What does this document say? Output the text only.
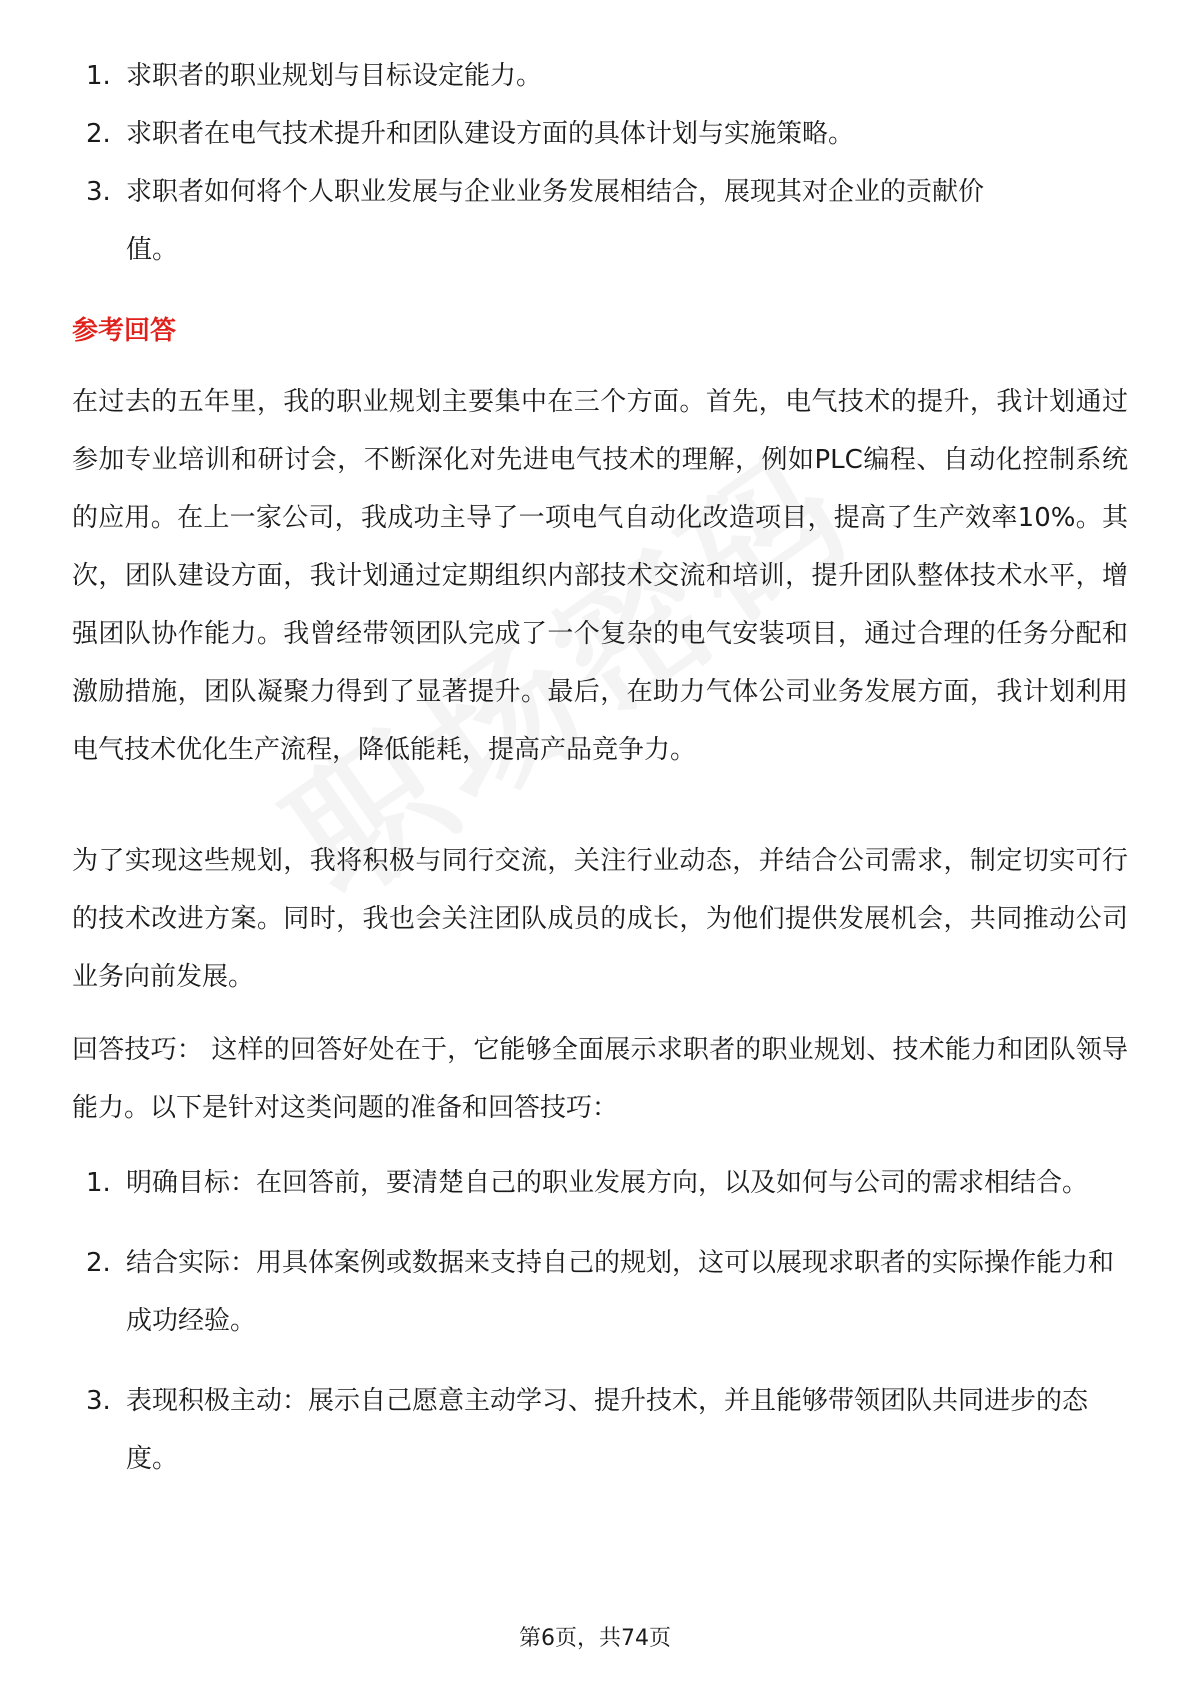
1. 求职者的职业规划与目标设定能力。
2. 求职者在电气技术提升和团队建设方面的具体计划与实施策略。
3. 求职者如何将个人职业发展与企业业务发展相结合，展现其对企业的贡献价值。
参考回答

在过去的五年里，我的职业规划主要集中在三个方面。首先，电气技术的提升，我计划通过参加专业培训和研讨会，不断深化对先进电气技术的理解，例如PLC编程、自动化控制系统的应用。在上一家公司，我成功主导了一项电气自动化改造项目，提高了生产效率10%。其次，团队建设方面，我计划通过定期组织内部技术交流和培训，提升团队整体技术水平，增强团队协作能力。我曾经带领团队完成了一个复杂的电气安装项目，通过合理的任务分配和激励措施，团队凝聚力得到了显著提升。最后，在助力气体公司业务发展方面，我计划利用电气技术优化生产流程，降低能耗，提高产品竞争力。

为了实现这些规划，我将积极与同行交流，关注行业动态，并结合公司需求，制定切实可行的技术改进方案。同时，我也会关注团队成员的成长，为他们提供发展机会，共同推动公司业务向前发展。

回答技巧： 这样的回答好处在于，它能够全面展示求职者的职业规划、技术能力和团队领导能力。以下是针对这类问题的准备和回答技巧：

1. 明确目标：在回答前，要清楚自己的职业发展方向，以及如何与公司的需求相结合。
2. 结合实际：用具体案例或数据来支持自己的规划，这可以展现求职者的实际操作能力和成功经验。
3. 表现积极主动：展示自己愿意主动学习、提升技术，并且能够带领团队共同进步的态度。
第6页，共74页
